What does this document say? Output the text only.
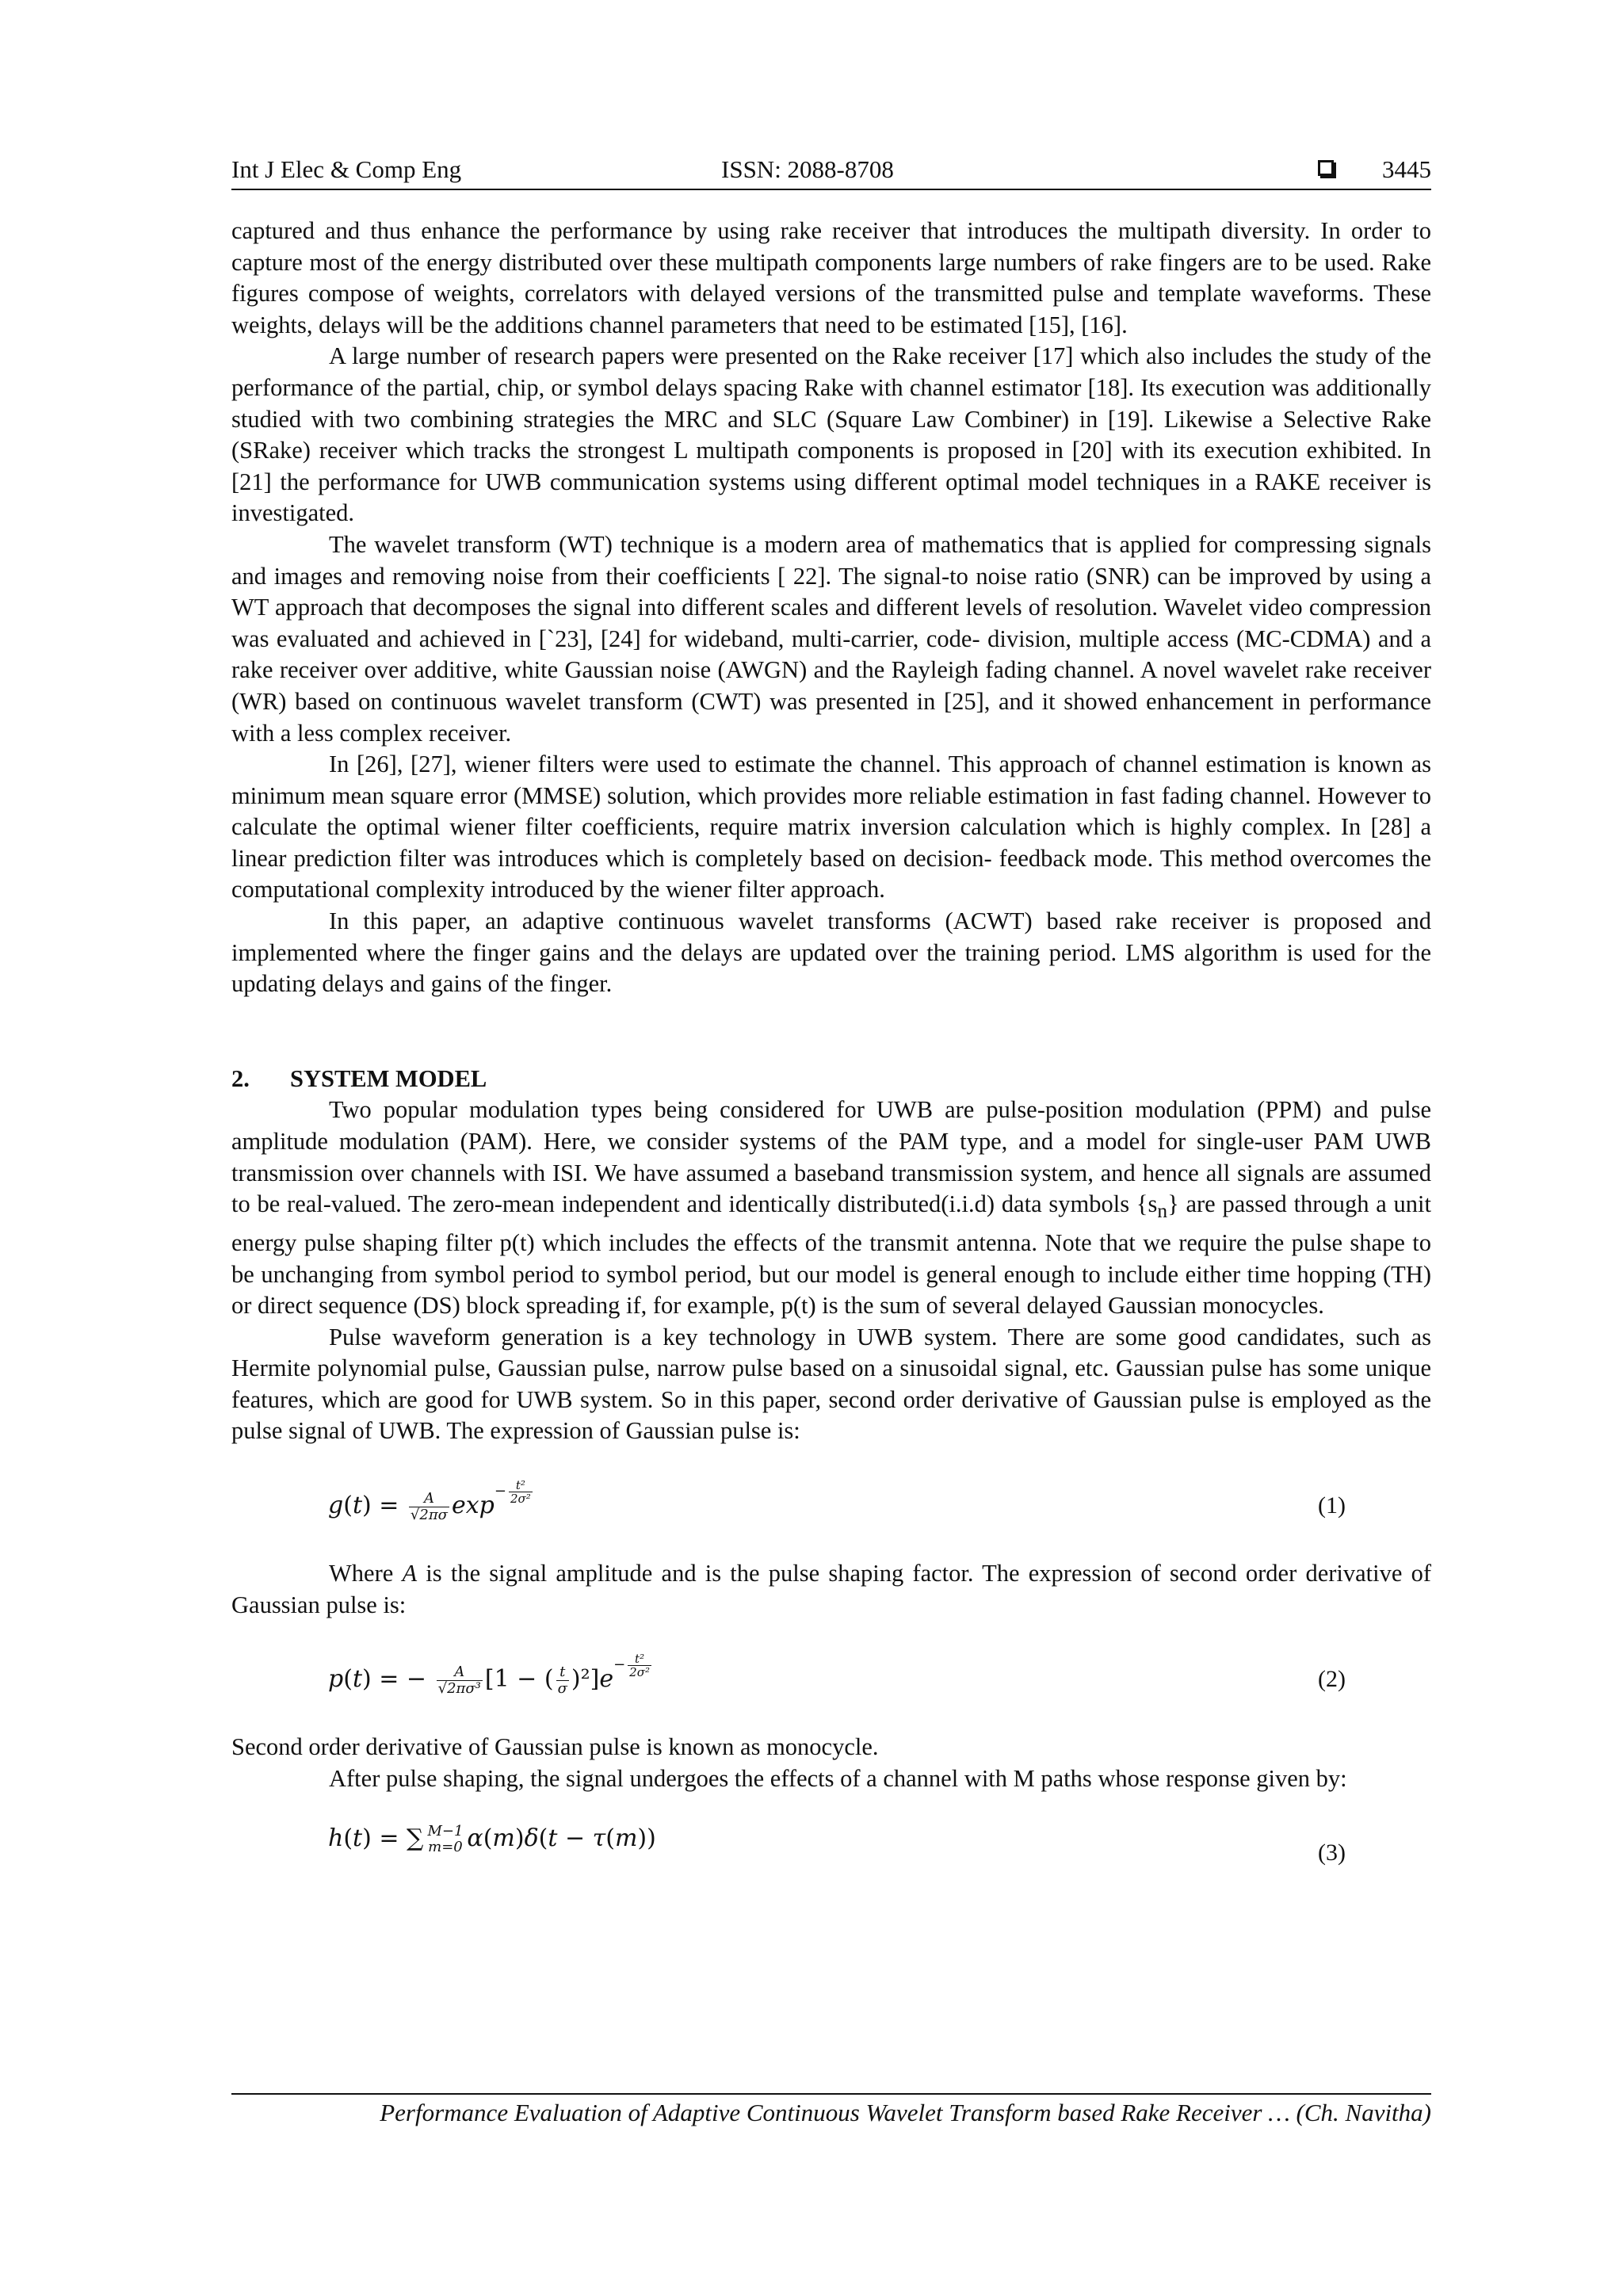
Int J Elec & Comp Eng	ISSN: 2088-8708	3445

captured and thus enhance the performance by using rake receiver that introduces the multipath diversity. In order to capture most of the energy distributed over these multipath components large numbers of rake fingers are to be used. Rake figures compose of weights, correlators with delayed versions of the transmitted pulse and template waveforms. These weights, delays will be the additions channel parameters that need to be estimated [15], [16].

A large number of research papers were presented on the Rake receiver [17] which also includes the study of the performance of the partial, chip, or symbol delays spacing Rake with channel estimator [18]. Its execution was additionally studied with two combining strategies the MRC and SLC (Square Law Combiner) in [19]. Likewise a Selective Rake (SRake) receiver which tracks the strongest L multipath components is proposed in [20] with its execution exhibited. In [21] the performance for UWB communication systems using different optimal model techniques in a RAKE receiver is investigated.

The wavelet transform (WT) technique is a modern area of mathematics that is applied for compressing signals and images and removing noise from their coefficients [ 22]. The signal-to noise ratio (SNR) can be improved by using a WT approach that decomposes the signal into different scales and different levels of resolution. Wavelet video compression was evaluated and achieved in [`23], [24] for wideband, multi-carrier, code- division, multiple access (MC-CDMA) and a rake receiver over additive, white Gaussian noise (AWGN) and the Rayleigh fading channel. A novel wavelet rake receiver (WR) based on continuous wavelet transform (CWT) was presented in [25], and it showed enhancement in performance with a less complex receiver.

In [26], [27], wiener filters were used to estimate the channel. This approach of channel estimation is known as minimum mean square error (MMSE) solution, which provides more reliable estimation in fast fading channel. However to calculate the optimal wiener filter coefficients, require matrix inversion calculation which is highly complex. In [28] a linear prediction filter was introduces which is completely based on decision- feedback mode. This method overcomes the computational complexity introduced by the wiener filter approach.

In this paper, an adaptive continuous wavelet transforms (ACWT) based rake receiver is proposed and implemented where the finger gains and the delays are updated over the training period. LMS algorithm is used for the updating delays and gains of the finger.

2. SYSTEM MODEL

Two popular modulation types being considered for UWB are pulse-position modulation (PPM) and pulse amplitude modulation (PAM). Here, we consider systems of the PAM type, and a model for single-user PAM UWB transmission over channels with ISI. We have assumed a baseband transmission system, and hence all signals are assumed to be real-valued. The zero-mean independent and identically distributed(i.i.d) data symbols $\{s_n\}$ are passed through a unit energy pulse shaping filter p(t) which includes the effects of the transmit antenna. Note that we require the pulse shape to be unchanging from symbol period to symbol period, but our model is general enough to include either time hopping (TH) or direct sequence (DS) block spreading if, for example, p(t) is the sum of several delayed Gaussian monocycles.

Pulse waveform generation is a key technology in UWB system. There are some good candidates, such as Hermite polynomial pulse, Gaussian pulse, narrow pulse based on a sinusoidal signal, etc. Gaussian pulse has some unique features, which are good for UWB system. So in this paper, second order derivative of Gaussian pulse is employed as the pulse signal of UWB. The expression of Gaussian pulse is:

$g(t) = \frac{A}{√2\pi\sigma} \exp^{- \frac{\text{t²}}{\text{2σ²}}}$
(1)

Where A is the signal amplitude and is the pulse shaping factor. The expression of second order derivative of Gaussian pulse is:

p(t) = − $\frac{A}{\text{√2πσ³}} [1$ − ( $\frac{t}{\sigma} )^2]e^{- \frac{\text{t²}}{\text{2σ²}}}$
(2)

Second order derivative of Gaussian pulse is known as monocycle.

After pulse shaping, the signal undergoes the effects of a channel with M paths whose response given by:

h(t) = ∑ M−1
m=0 α(m)δ(t − τ(m))
(3)
Performance Evaluation of Adaptive Continuous Wavelet Transform based Rake Receiver … (Ch. Navitha)
